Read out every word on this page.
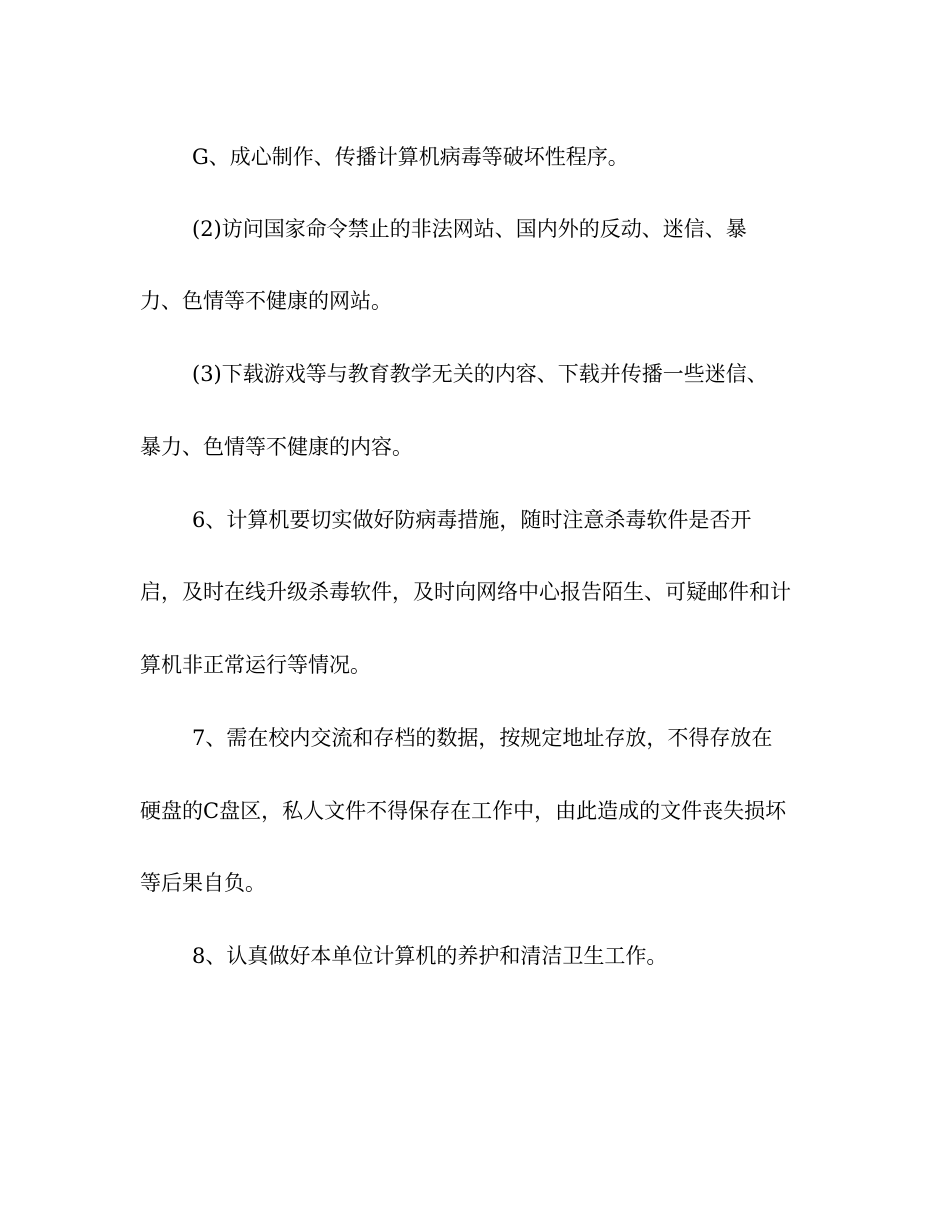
G、成心制作、传播计算机病毒等破坏性程序。
(2)访问国家命令禁止的非法网站、国内外的反动、迷信、暴
力、色情等不健康的网站。
(3)下载游戏等与教育教学无关的内容、下载并传播一些迷信、
暴力、色情等不健康的内容。
6、计算机要切实做好防病毒措施，随时注意杀毒软件是否开
启，及时在线升级杀毒软件，及时向网络中心报告陌生、可疑邮件和计
算机非正常运行等情况。
7、需在校内交流和存档的数据，按规定地址存放，不得存放在
硬盘的C盘区，私人文件不得保存在工作中，由此造成的文件丧失损坏
等后果自负。
8、认真做好本单位计算机的养护和清洁卫生工作。
